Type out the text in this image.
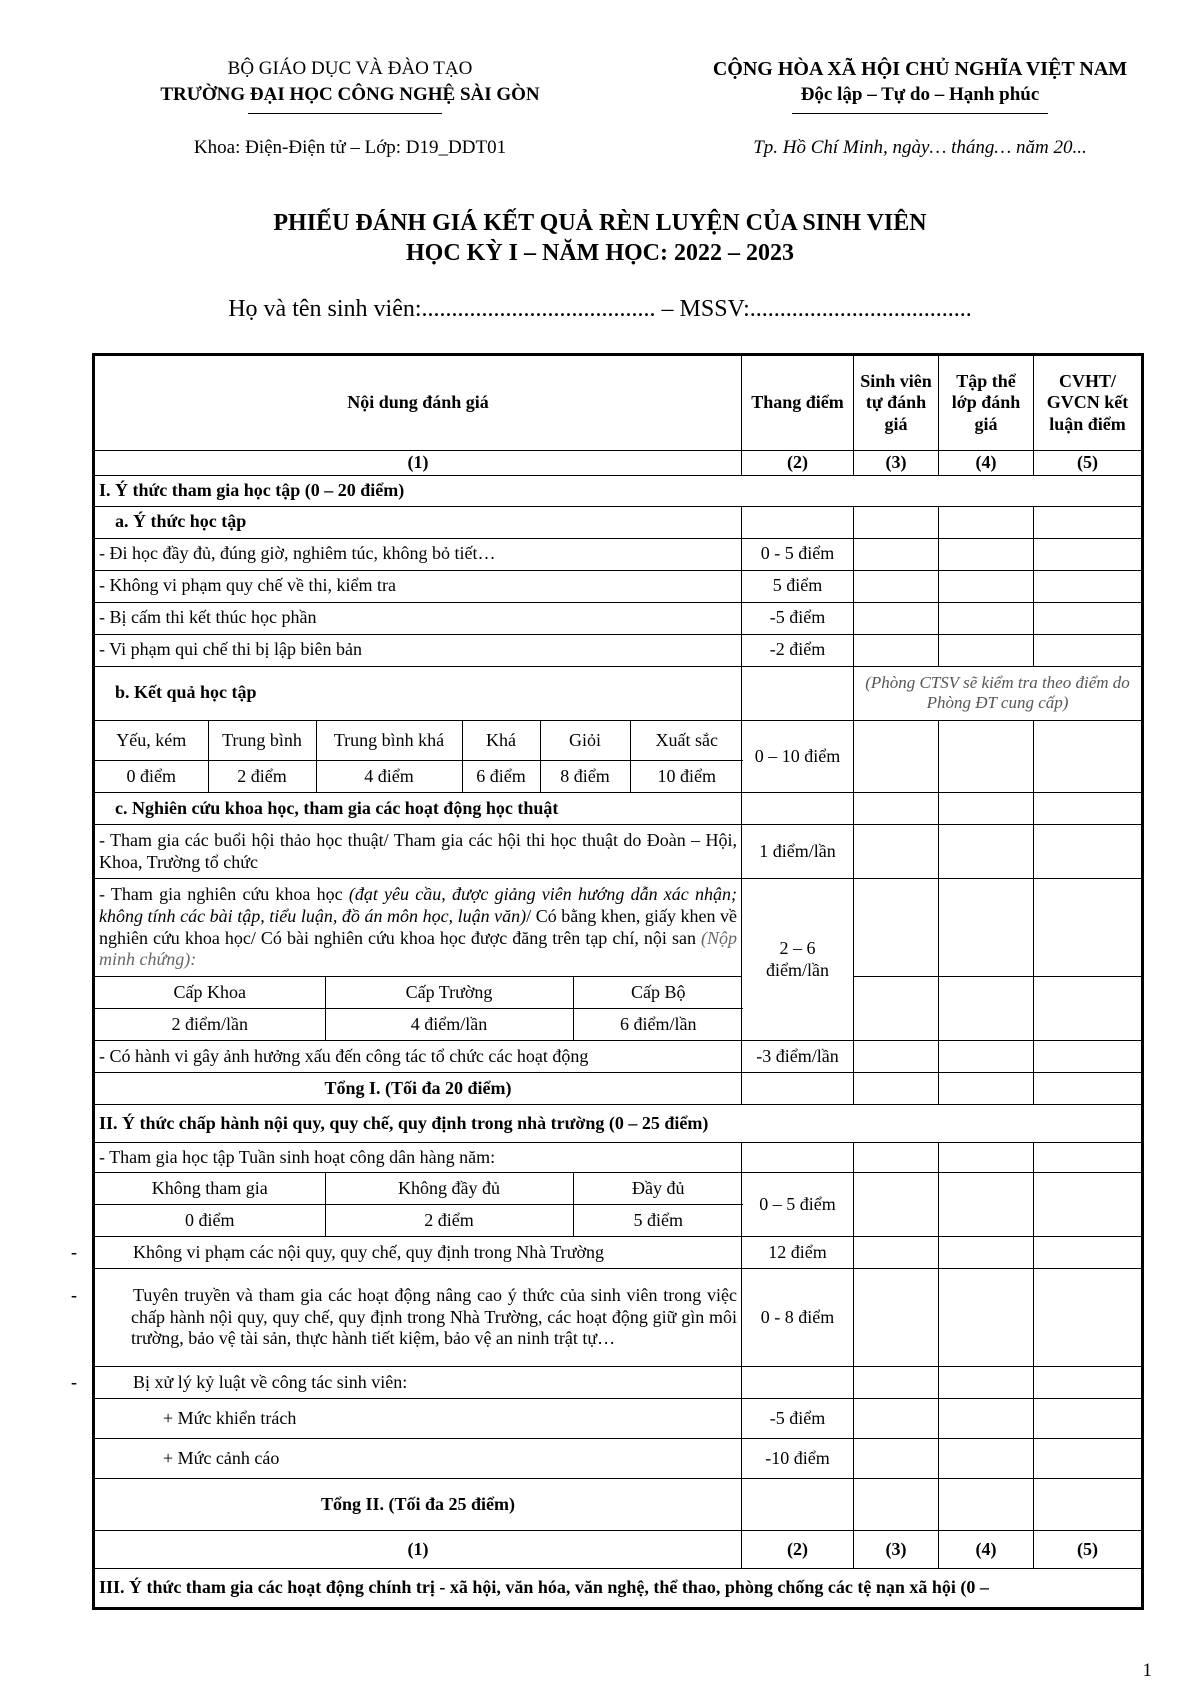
BỘ GIÁO DỤC VÀ ĐÀO TẠO
TRƯỜNG ĐẠI HỌC CÔNG NGHỆ SÀI GÒN
Khoa: Điện-Điện tử – Lớp: D19_DDT01
CỘNG HÒA XÃ HỘI CHỦ NGHĨA VIỆT NAM
Độc lập – Tự do – Hạnh phúc
Tp. Hồ Chí Minh, ngày… tháng… năm 20...
PHIẾU ĐÁNH GIÁ KẾT QUẢ RÈN LUYỆN CỦA SINH VIÊN
HỌC KỲ I – NĂM HỌC: 2022 – 2023
Họ và tên sinh viên:....................................... – MSSV:.....................................
Nội dung đánh giá	Thang điểm	Sinh viên tự đánh giá	Tập thể lớp đánh giá	CVHT/ GVCN kết luận điểm
(1)	(2)	(3)	(4)	(5)
I. Ý thức tham gia học tập (0 – 20 điểm)
a. Ý thức học tập				
- Đi học đầy đủ, đúng giờ, nghiêm túc, không bỏ tiết…	0 - 5 điểm			
- Không vi phạm quy chế về thi, kiểm tra	5 điểm			
- Bị cấm thi kết thúc học phần	-5 điểm			
- Vi phạm qui chế thi bị lập biên bản	-2 điểm			
b. Kết quả học tập		(Phòng CTSV sẽ kiểm tra theo điểm do Phòng ĐT cung cấp)

Yếu, kém	Trung bình	Trung bình khá	Khá	Giỏi	Xuất sắc
0 điểm	2 điểm	4 điểm	6 điểm	8 điểm	10 điểm
	0 – 10 điểm			
c. Nghiên cứu khoa học, tham gia các hoạt động học thuật				
- Tham gia các buổi hội thảo học thuật/ Tham gia các hội thi học thuật do Đoàn – Hội, Khoa, Trường tổ chức	1 điểm/lần			
- Tham gia nghiên cứu khoa học (đạt yêu cầu, được giảng viên hướng dẫn xác nhận; không tính các bài tập, tiểu luận, đồ án môn học, luận văn)/ Có bằng khen, giấy khen về nghiên cứu khoa học/ Có bài nghiên cứu khoa học được đăng trên tạp chí, nội san (Nộp minh chứng):	2 – 6 điểm/lần			

Cấp Khoa	Cấp Trường	Cấp Bộ
2 điểm/lần	4 điểm/lần	6 điểm/lần

- Có hành vi gây ảnh hưởng xấu đến công tác tổ chức các hoạt động	-3 điểm/lần			
Tổng I. (Tối đa 20 điểm)				
II. Ý thức chấp hành nội quy, quy chế, quy định trong nhà trường (0 – 25 điểm)
- Tham gia học tập Tuần sinh hoạt công dân hàng năm:				

Không tham gia	Không đầy đủ	Đầy đủ
0 điểm	2 điểm	5 điểm
	0 – 5 điểm			
-	Không vi phạm các nội quy, quy chế, quy định trong Nhà Trường	12 điểm			
-	Tuyên truyền và tham gia các hoạt động nâng cao ý thức của sinh viên trong việc chấp hành nội quy, quy chế, quy định trong Nhà Trường, các hoạt động giữ gìn môi trường, bảo vệ tài sản, thực hành tiết kiệm, bảo vệ an ninh trật tự…	0 - 8 điểm			
-	Bị xử lý kỷ luật về công tác sinh viên:				
+ Mức khiển trách	-5 điểm			
+ Mức cảnh cáo	-10 điểm			
Tổng II. (Tối đa 25 điểm)				
(1)	(2)	(3)	(4)	(5)
III. Ý thức tham gia các hoạt động chính trị - xã hội, văn hóa, văn nghệ, thể thao, phòng chống các tệ nạn xã hội (0 –
1
